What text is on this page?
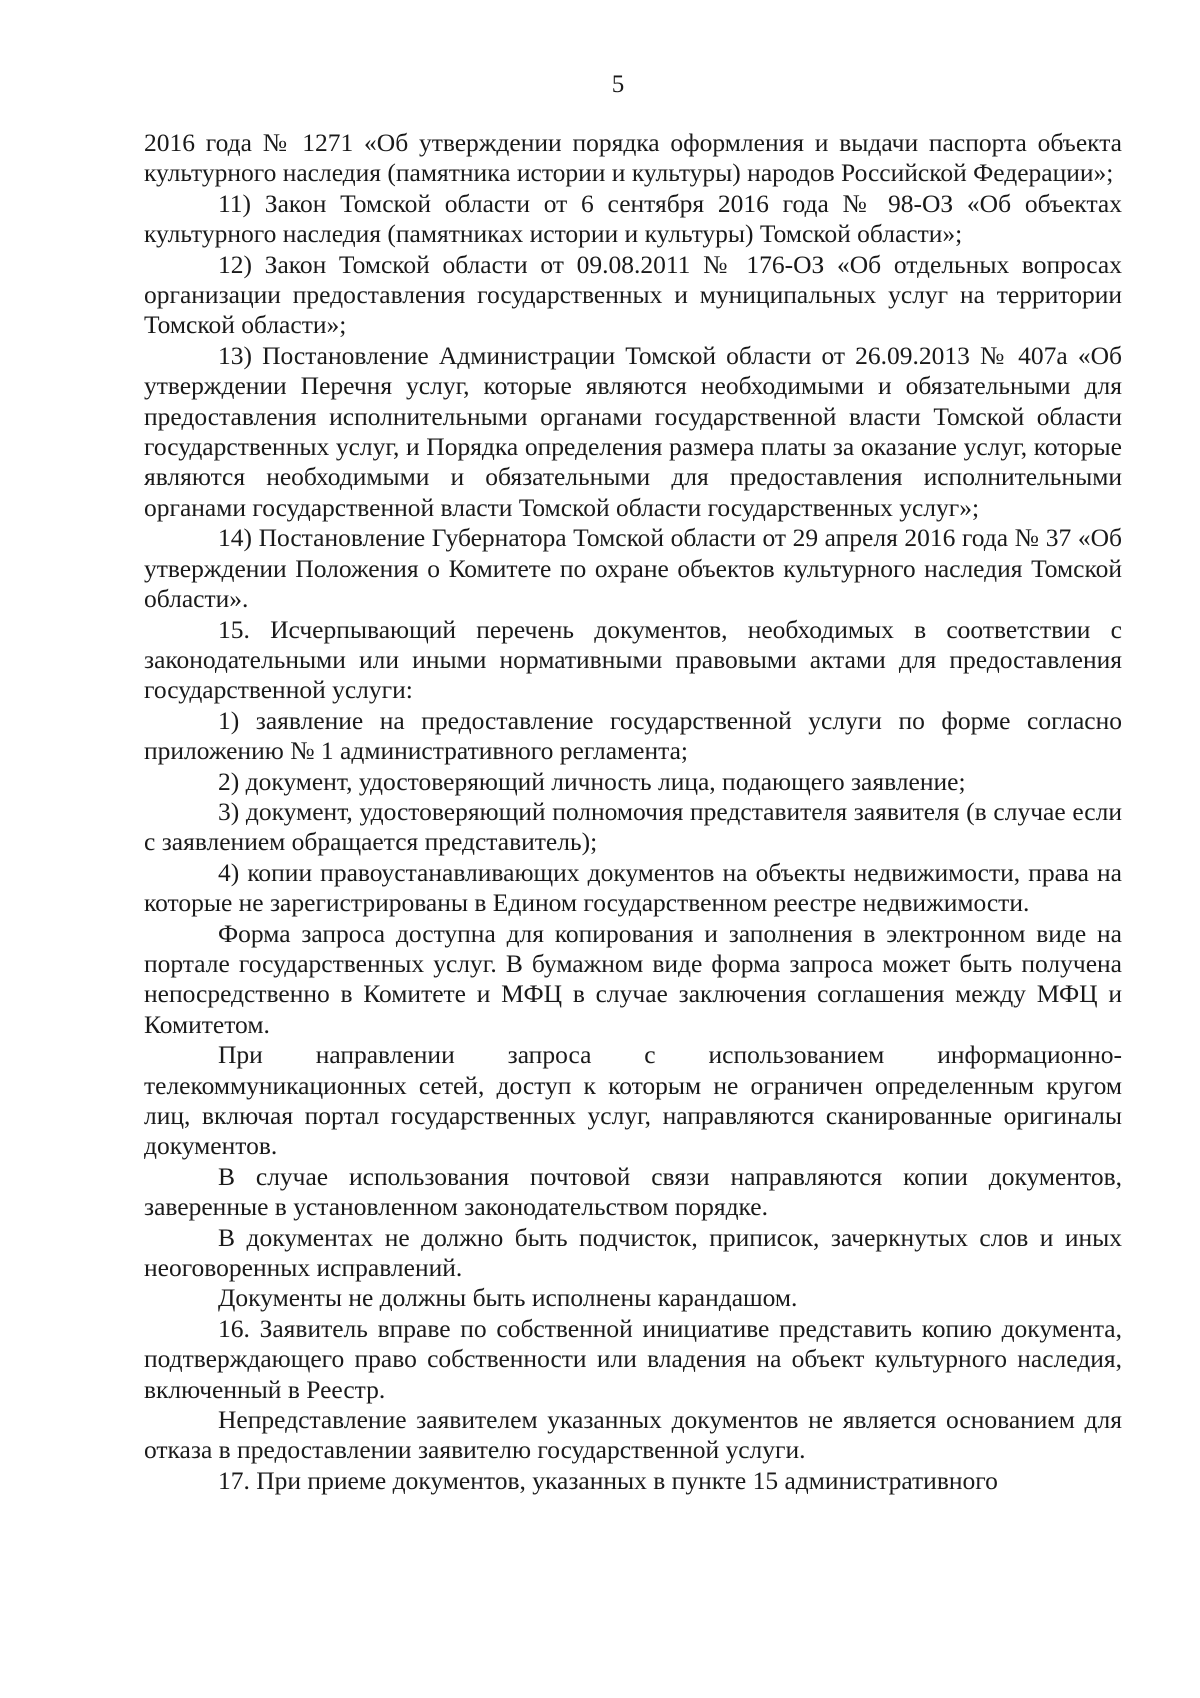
5

2016 года № 1271 «Об утверждении порядка оформления и выдачи паспорта объекта культурного наследия (памятника истории и культуры) народов Российской Федерации»;

11) Закон Томской области от 6 сентября 2016 года № 98-ОЗ «Об объектах культурного наследия (памятниках истории и культуры) Томской области»;

12) Закон Томской области от 09.08.2011 № 176-ОЗ «Об отдельных вопросах организации предоставления государственных и муниципальных услуг на территории Томской области»;

13) Постановление Администрации Томской области от 26.09.2013 № 407а «Об утверждении Перечня услуг, которые являются необходимыми и обязательными для предоставления исполнительными органами государственной власти Томской области государственных услуг, и Порядка определения размера платы за оказание услуг, которые являются необходимыми и обязательными для предоставления исполнительными органами государственной власти Томской области государственных услуг»;

14) Постановление Губернатора Томской области от 29 апреля 2016 года № 37 «Об утверждении Положения о Комитете по охране объектов культурного наследия Томской области».

15. Исчерпывающий перечень документов, необходимых в соответствии с законодательными или иными нормативными правовыми актами для предоставления государственной услуги:

1) заявление на предоставление государственной услуги по форме согласно приложению № 1 административного регламента;

2) документ, удостоверяющий личность лица, подающего заявление;

3) документ, удостоверяющий полномочия представителя заявителя (в случае если с заявлением обращается представитель);

4) копии правоустанавливающих документов на объекты недвижимости, права на которые не зарегистрированы в Едином государственном реестре недвижимости.

Форма запроса доступна для копирования и заполнения в электронном виде на портале государственных услуг. В бумажном виде форма запроса может быть получена непосредственно в Комитете и МФЦ в случае заключения соглашения между МФЦ и Комитетом.

При направлении запроса с использованием информационно-телекоммуникационных сетей, доступ к которым не ограничен определенным кругом лиц, включая портал государственных услуг, направляются сканированные оригиналы документов.

В случае использования почтовой связи направляются копии документов, заверенные в установленном законодательством порядке.

В документах не должно быть подчисток, приписок, зачеркнутых слов и иных неоговоренных исправлений.

Документы не должны быть исполнены карандашом.

16. Заявитель вправе по собственной инициативе представить копию документа, подтверждающего право собственности или владения на объект культурного наследия, включенный в Реестр.

Непредставление заявителем указанных документов не является основанием для отказа в предоставлении заявителю государственной услуги.

17. При приеме документов, указанных в пункте 15 административного
